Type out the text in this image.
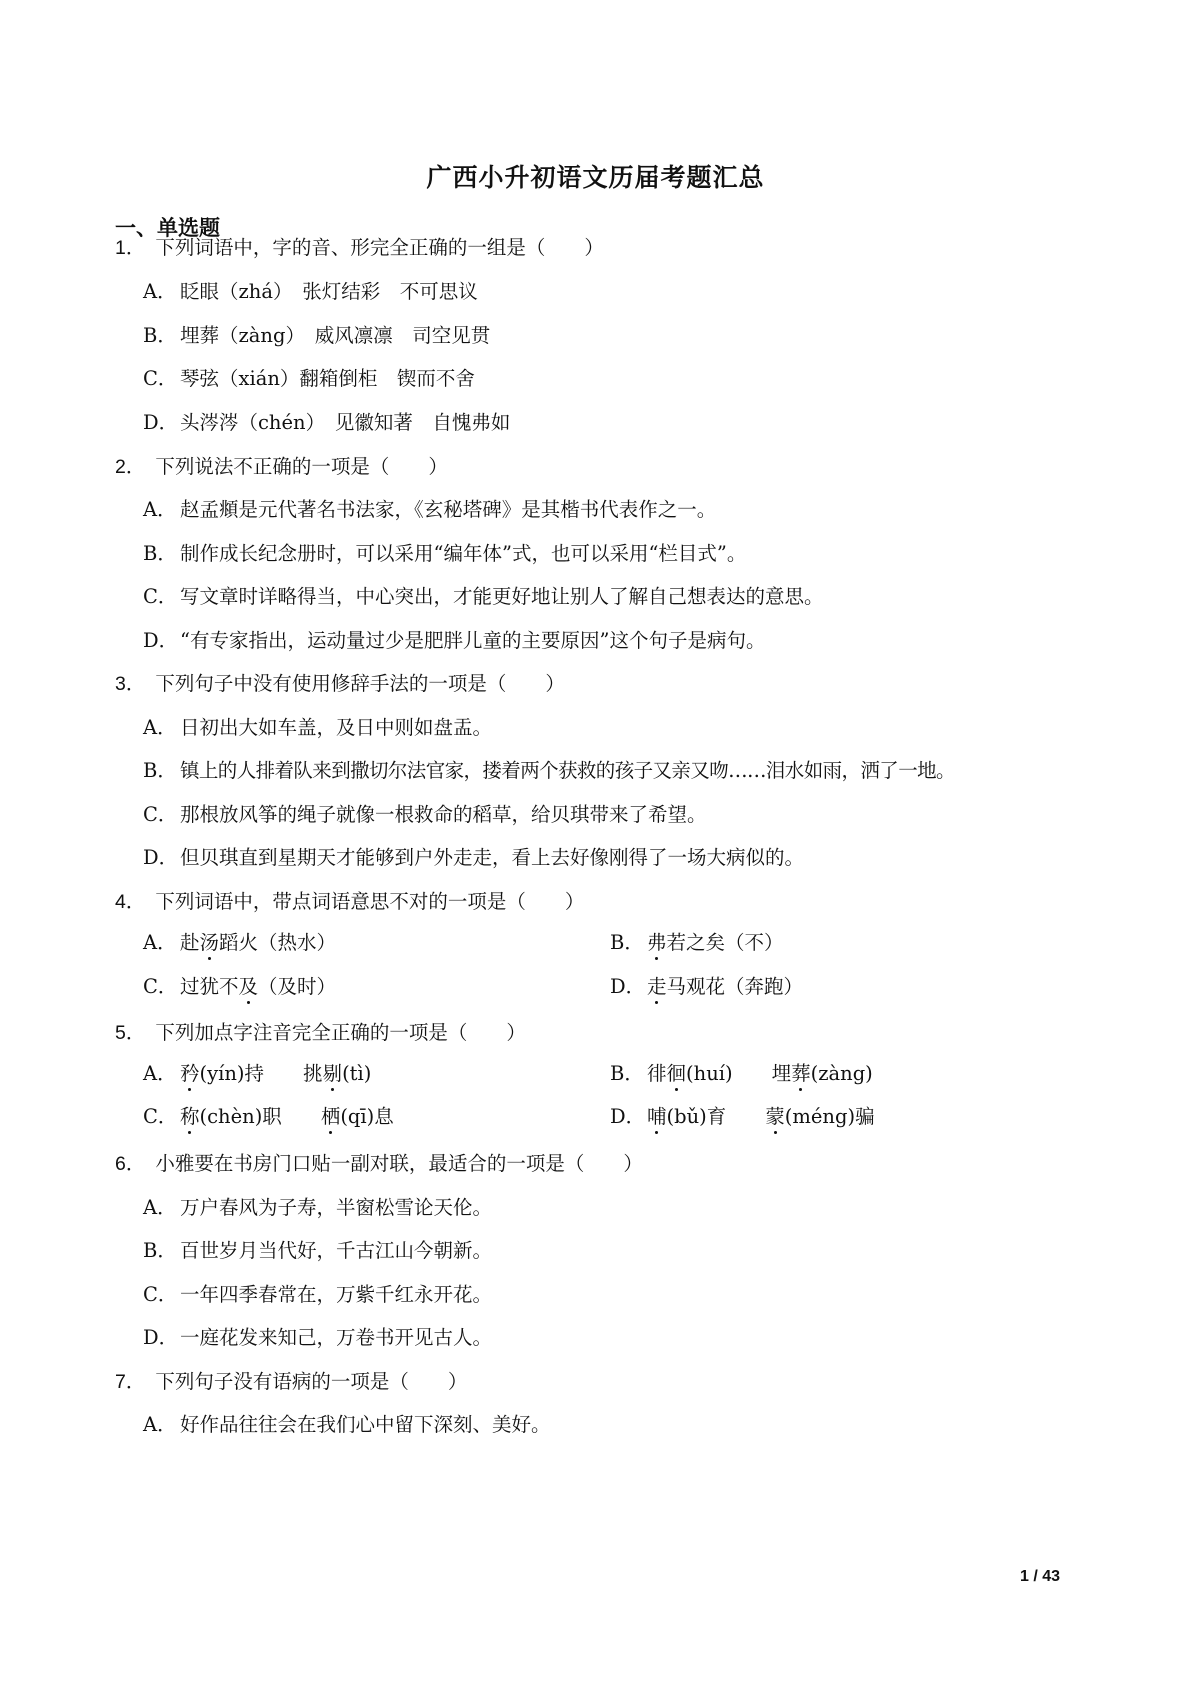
广西小升初语文历届考题汇总
一、单选题
1． 下列词语中，字的音、形完全正确的一组是（　　）
A． 眨眼（zhá）　张灯结彩　不可思议
B． 埋葬（zàng）　威风凛凛　司空见贯
C． 琴弦（xián）翻箱倒柜　锲而不舍
D．头涔涔（chén）　见徽知著　自愧弗如
2． 下列说法不正确的一项是（　　）
A． 赵孟頫是元代著名书法家，《玄秘塔碑》是其楷书代表作之一。
B． 制作成长纪念册时，可以采用“编年体”式，也可以采用“栏目式”。
C． 写文章时详略得当，中心突出，才能更好地让别人了解自己想表达的意思。
D．“有专家指出，运动量过少是肥胖儿童的主要原因”这个句子是病句。
3． 下列句子中没有使用修辞手法的一项是（　　）
A． 日初出大如车盖，及日中则如盘盂。
B． 镇上的人排着队来到撒切尔法官家，搂着两个获救的孩子又亲又吻……泪水如雨，洒了一地。
C． 那根放风筝的绳子就像一根救命的稻草，给贝琪带来了希望。
D．但贝琪直到星期天才能够到户外走走，看上去好像刚得了一场大病似的。
4． 下列词语中，带点词语意思不对的一项是（　　）
A． 赴汤蹈火（热水）	B． 弗若之矣（不）
C． 过犹不及（及时）	D．走马观花（奔跑）
5． 下列加点字注音完全正确的一项是（　　）
A． 矜(yín)持　　挑剔(tì)	B． 徘徊(huí)　　埋葬(zàng)
C． 称(chèn)职　　栖(qī)息	D．哺(bǔ)育　　蒙(méng)骗
6． 小雅要在书房门口贴一副对联，最适合的一项是（　　）
A． 万户春风为子寿，半窗松雪论天伦。
B． 百世岁月当代好，千古江山今朝新。
C． 一年四季春常在，万紫千红永开花。
D．一庭花发来知己，万卷书开见古人。
7． 下列句子没有语病的一项是（　　）
A． 好作品往往会在我们心中留下深刻、美好。
1 / 43
